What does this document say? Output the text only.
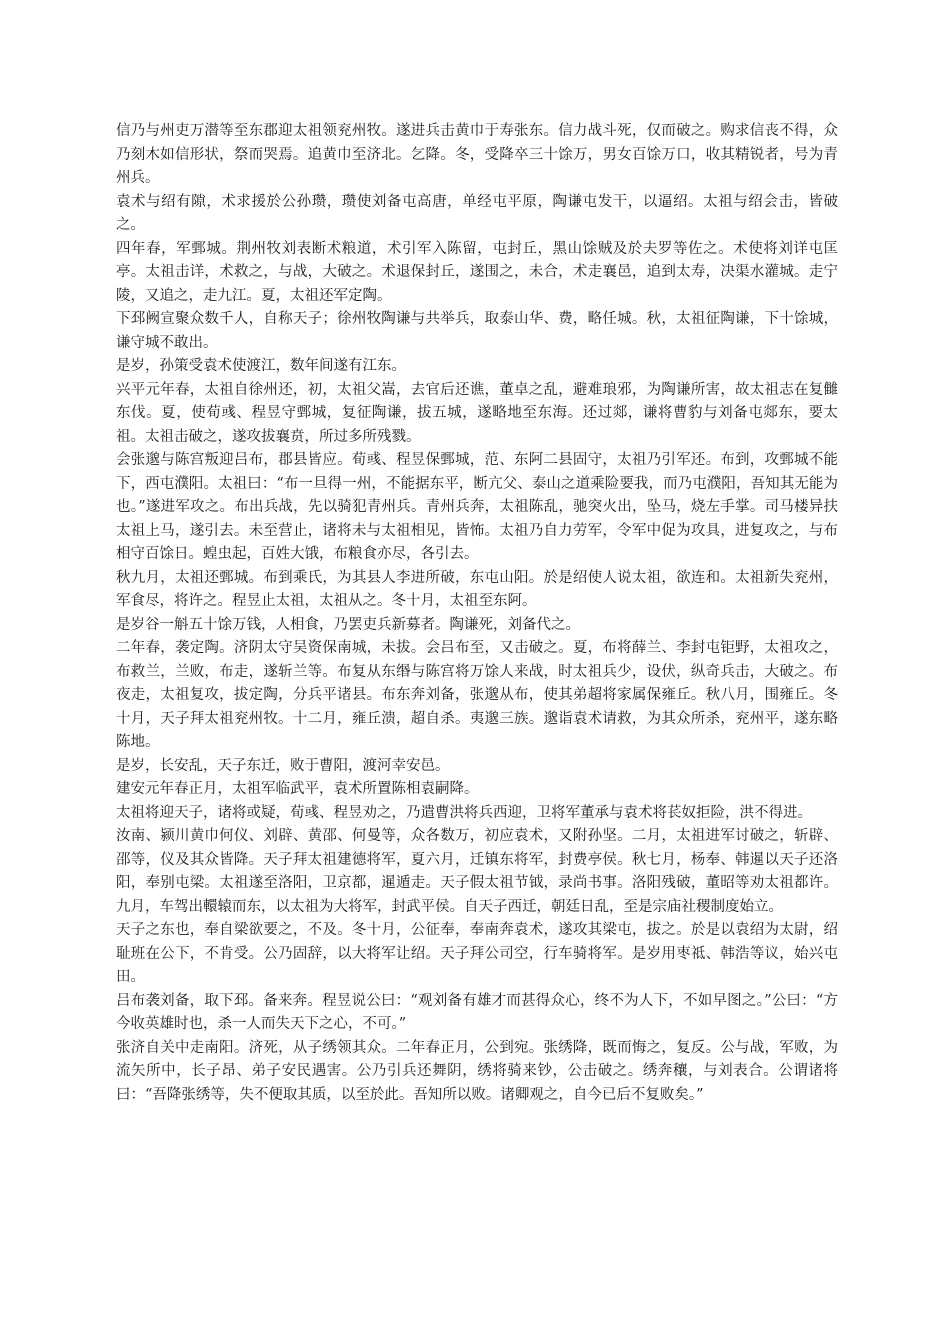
信乃与州吏万潜等至东郡迎太祖领兖州牧。遂进兵击黄巾于寿张东。信力战斗死，仅而破之。购求信丧不得，众乃刻木如信形状，祭而哭焉。追黄巾至济北。乞降。冬，受降卒三十馀万，男女百馀万口，收其精锐者，号为青州兵。

袁术与绍有隙，术求援於公孙瓒，瓒使刘备屯高唐，单经屯平原，陶谦屯发干，以逼绍。太祖与绍会击，皆破之。

四年春，军鄄城。荆州牧刘表断术粮道，术引军入陈留，屯封丘，黑山馀贼及於夫罗等佐之。术使将刘详屯匡亭。太祖击详，术救之，与战，大破之。术退保封丘，遂围之，未合，术走襄邑，追到太寿，决渠水灌城。走宁陵，又追之，走九江。夏，太祖还军定陶。

下邳阙宣聚众数千人，自称天子；徐州牧陶谦与共举兵，取泰山华、费，略任城。秋，太祖征陶谦，下十馀城，谦守城不敢出。

是岁，孙策受袁术使渡江，数年间遂有江东。

兴平元年春，太祖自徐州还，初，太祖父嵩，去官后还谯，董卓之乱，避难琅邪，为陶谦所害，故太祖志在复雠东伐。夏，使荀彧、程昱守鄄城，复征陶谦，拔五城，遂略地至东海。还过郯，谦将曹豹与刘备屯郯东，要太祖。太祖击破之，遂攻拔襄贲，所过多所残戮。

会张邈与陈宫叛迎吕布，郡县皆应。荀彧、程昱保鄄城，范、东阿二县固守，太祖乃引军还。布到，攻鄄城不能下，西屯濮阳。太祖曰：“布一旦得一州，不能据东平，断亢父、泰山之道乘险要我，而乃屯濮阳，吾知其无能为也。”遂进军攻之。布出兵战，先以骑犯青州兵。青州兵奔，太祖陈乱，驰突火出，坠马，烧左手掌。司马楼异扶太祖上马，遂引去。未至营止，诸将未与太祖相见，皆怖。太祖乃自力劳军，令军中促为攻具，进复攻之，与布相守百馀日。蝗虫起，百姓大饿，布粮食亦尽，各引去。

秋九月，太祖还鄄城。布到乘氏，为其县人李进所破，东屯山阳。於是绍使人说太祖，欲连和。太祖新失兖州，军食尽，将许之。程昱止太祖，太祖从之。冬十月，太祖至东阿。

是岁谷一斛五十馀万钱，人相食，乃罢吏兵新募者。陶谦死，刘备代之。

二年春，袭定陶。济阴太守吴资保南城，未拔。会吕布至，又击破之。夏，布将薛兰、李封屯钜野，太祖攻之，布救兰，兰败，布走，遂斩兰等。布复从东缗与陈宫将万馀人来战，时太祖兵少，设伏，纵奇兵击，大破之。布夜走，太祖复攻，拔定陶，分兵平诸县。布东奔刘备，张邈从布，使其弟超将家属保雍丘。秋八月，围雍丘。冬十月，天子拜太祖兖州牧。十二月，雍丘溃，超自杀。夷邈三族。邈诣袁术请救，为其众所杀，兖州平，遂东略陈地。

是岁，长安乱，天子东迁，败于曹阳，渡河幸安邑。

建安元年春正月，太祖军临武平，袁术所置陈相袁嗣降。

太祖将迎天子，诸将或疑，荀彧、程昱劝之，乃遣曹洪将兵西迎，卫将军董承与袁术将苌奴拒险，洪不得进。

汝南、颍川黄巾何仪、刘辟、黄邵、何曼等，众各数万，初应袁术，又附孙坚。二月，太祖进军讨破之，斩辟、邵等，仪及其众皆降。天子拜太祖建德将军，夏六月，迁镇东将军，封费亭侯。秋七月，杨奉、韩暹以天子还洛阳，奉别屯梁。太祖遂至洛阳，卫京都，暹遁走。天子假太祖节钺，录尚书事。洛阳残破，董昭等劝太祖都许。九月，车驾出轘辕而东，以太祖为大将军，封武平侯。自天子西迁，朝廷日乱，至是宗庙社稷制度始立。

天子之东也，奉自梁欲要之，不及。冬十月，公征奉，奉南奔袁术，遂攻其梁屯，拔之。於是以袁绍为太尉，绍耻班在公下，不肯受。公乃固辞，以大将军让绍。天子拜公司空，行车骑将军。是岁用枣祗、韩浩等议，始兴屯田。

吕布袭刘备，取下邳。备来奔。程昱说公曰：“观刘备有雄才而甚得众心，终不为人下，不如早图之。”公曰：“方今收英雄时也，杀一人而失天下之心，不可。”

张济自关中走南阳。济死，从子绣领其众。二年春正月，公到宛。张绣降，既而悔之，复反。公与战，军败，为流矢所中，长子昂、弟子安民遇害。公乃引兵还舞阴，绣将骑来钞，公击破之。绣奔穰，与刘表合。公谓诸将曰：“吾降张绣等，失不便取其质，以至於此。吾知所以败。诸卿观之，自今已后不复败矣。”
